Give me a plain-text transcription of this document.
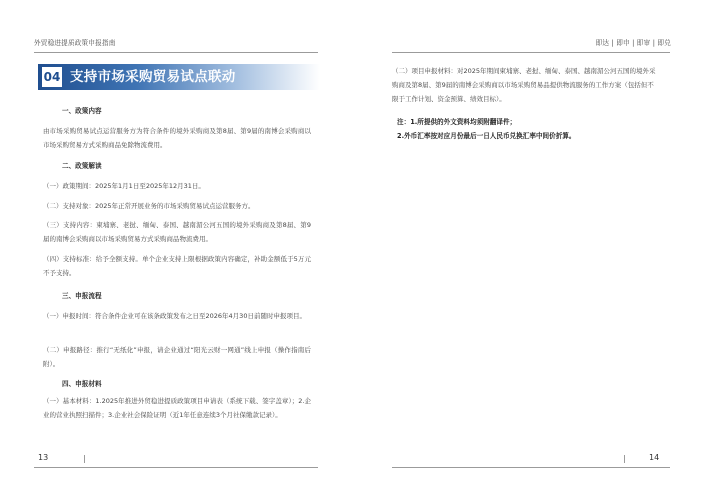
外贸稳进提质政策申报指南
04 支持市场采购贸易试点联动
一、政策内容
由市场采购贸易试点运营服务方为符合条件的境外采购商及第8届、第9届的南博会采购商以市场采购贸易方式采购商品免除物流费用。
二、政策解读
（一）政策期间：2025年1月1日至2025年12月31日。
（二）支持对象：2025年正常开展业务的市场采购贸易试点运营服务方。
（三）支持内容：柬埔寨、老挝、缅甸、泰国、越南湄公河五国的境外采购商及第8届、第9届的南博会采购商以市场采购贸易方式采购商品物流费用。
（四）支持标准：给予全额支持。单个企业支持上限根据政策内容确定，补助金额低于5万元不予支持。
三、申报流程
（一）申报时间：符合条件企业可在该条政策发布之日至2026年4月30日前随时申报项目。
（二）申报路径：推行“无纸化”申报，请企业通过“阳光云财一网通”线上申报（操作指南后附）。
四、申报材料
（一）基本材料：1.2025年推进外贸稳进提质政策项目申请表（系统下载、签字盖章）；2.企业的营业执照扫描件；3.企业社会保险证明（近1年任意连续3个月社保缴款记录）。
13
即达 | 即申 | 即审 | 即兑
（二）项目申报材料：对2025年期间柬埔寨、老挝、缅甸、泰国、越南湄公河五国的境外采购商及第8届、第9届的南博会采购商以市场采购贸易品提供物流服务的工作方案（包括但不限于工作计划、资金预算、绩效目标）。
注：1.所提供的外文资料均须附翻译件；
2.外币汇率按对应月份最后一日人民币兑换汇率中间价折算。
14
